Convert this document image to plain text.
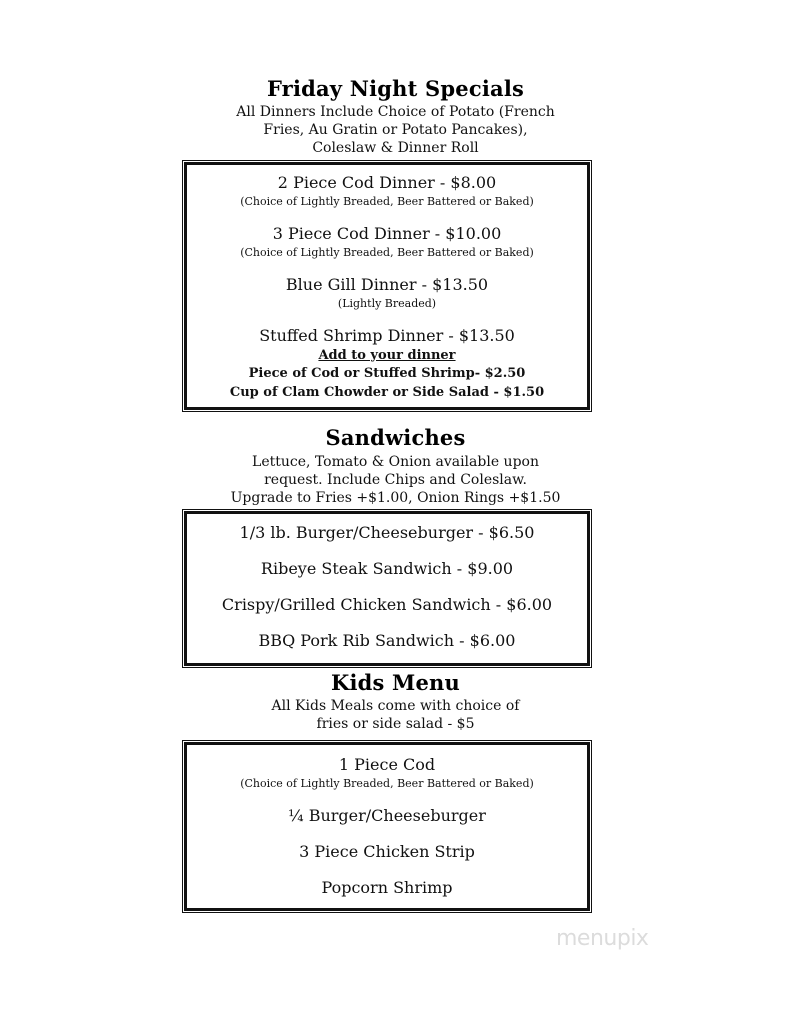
Friday Night Specials
All Dinners Include Choice of Potato (French
Fries, Au Gratin or Potato Pancakes),
Coleslaw & Dinner Roll
2 Piece Cod Dinner - $8.00
(Choice of Lightly Breaded, Beer Battered or Baked)
3 Piece Cod Dinner - $10.00
(Choice of Lightly Breaded, Beer Battered or Baked)
Blue Gill Dinner - $13.50
(Lightly Breaded)
Stuffed Shrimp Dinner - $13.50
Add to your dinner
Piece of Cod or Stuffed Shrimp- $2.50
Cup of Clam Chowder or Side Salad - $1.50
Sandwiches
Lettuce, Tomato & Onion available upon
request. Include Chips and Coleslaw.
Upgrade to Fries +$1.00, Onion Rings +$1.50
1/3 lb. Burger/Cheeseburger - $6.50
Ribeye Steak Sandwich - $9.00
Crispy/Grilled Chicken Sandwich - $6.00
BBQ Pork Rib Sandwich - $6.00
Kids Menu
All Kids Meals come with choice of
fries or side salad - $5
1 Piece Cod
(Choice of Lightly Breaded, Beer Battered or Baked)
¼ Burger/Cheeseburger
3 Piece Chicken Strip
Popcorn Shrimp
menupix
